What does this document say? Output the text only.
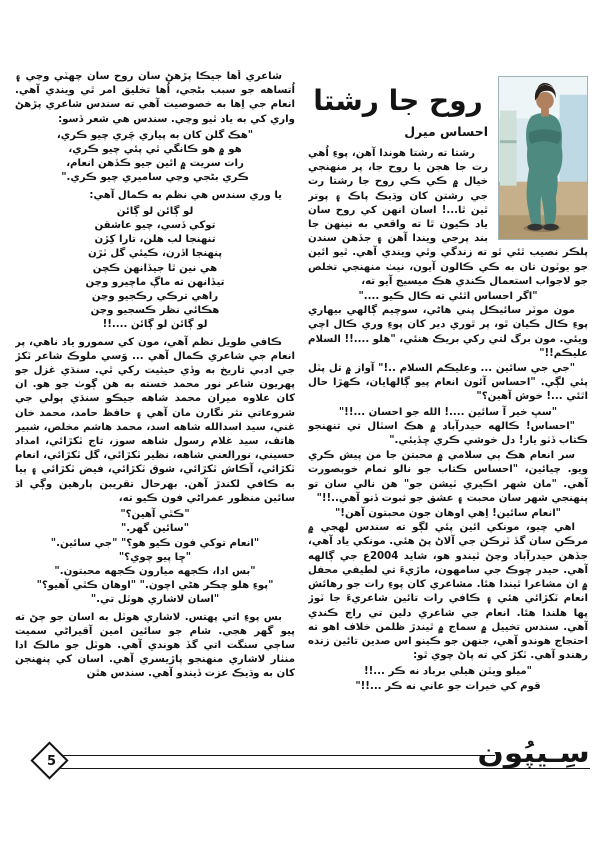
روح جا رشتا
احساس ميرل

رشتا ته رشتا هوندا آهن، پوءِ اُهي رت جا هجن يا روح جا، پر منهنجي خيال ۾ ڪي ڪي روح جا رشتا رت جي رشتن کان وڌيڪ پاڪ ۽ پوتر ٿين ٿا...! اسان انهن کي روح سان ياد ڪيون ٿا ته واقعي به نينهن جا بند پرجي ويندا آهن ۽ جڏهن سندن پلڪر نصيب ٿئي ٿو ته زندگي وٿي ويندي آهي. ٿيو ائين جو يوٽون تان به ڪي ڪالون آيون، نيٺ منهنجي تخلص جو لاجواب استعمال ڪندي هڪ ميسيج آيو ته،

"اگر احساس اٿئي ته ڪال ڪيو ...."

مون موٽر سائيڪل پني هاڻي، سوچيم ڳالهي بيهاري پوءِ ڪال ڪيان ٿو، پر ٿوري دير کان پوءِ وري ڪال اچي ويئي. مون برگ لتي رکي بريڪ هنئي، "هلو ....!! السلام عليڪم!!"

"جي جي سائين ... وعليڪم السلام ..!" آواز ۾ تل پٽل پئي لڳي. "احساس آئون انعام پيو ڳالهايان، ڪهڙا حال اٿئي ...! خوش آهين؟"

"سڀ خير آ سائين ....! الله جو احسان ...!!"

"احساس! ڪالهه حيدرآباد ۾ هڪ اسٽال تي تنهنجو ڪتاب ڏٺو يار! دل خوشي ڪري ڇڏيئي."

سر انعام هڪ ٻي سلامي ۾ محبتن جا من پيش ڪري ويو. چيائين، "احساس ڪتاب جو نالو تمام خوبصورت آهي. "مان شهر اڪيري ٽيشن جو" هن نالي سان تو پنهنجي شهر سان محبت ۽ عشق جو ثبوت ڏنو آهي..!!"

"انعام سائين! اِهي اوهان جون محبتون آهن!"

اهي چيو، مونکي ائين پئي لڳو ته سندس لهجي ۾ مرڪن سان گڏ ٽرڪن جي آلاڻ پڻ هئي. مونکي ياد آهي، جڏهن حيدرآباد وڃڻ ٿيندو هو، شايد 2004ع جي ڳالهه آهي. حيدر چوڪ جي سامهون، ماڙيءَ تي لطيفي محفل ۾ ان مشاعرا ٿيندا هئا. مشاعري کان پوءِ رات جو رهائش انعام ٽکڙائي هئي ۽ ڪافي رات تائين شاعريءَ جا ٽوڙ پها هلندا هئا. انعام جي شاعري دلين تي راڄ ڪندي آهي. سندس تخييل ۾ سماج ۾ ٿيندڙ ظلمن خلاف اهو ته احتجاج هوندو آهي، جنهن جو ڪينو اس صدين تائين زنده رهندو آهي. ٽکڙ کي ته پاڻ چوي ٿو:

"ميلو ويٽن هيلي برباد نه ڪر ...!!

قوم کي خيرات جو عاني نه ڪر ...!!"

شاعري اُها جيڪا پڙهڻ سان روح سان چهٽي وڃي ۽ اُتساهه جو سبب بڻجي، اُها تخليق امر ٿي ويندي آهي. انعام جي اِها به خصوصيت آهي ته سندس شاعري پڙهڻ واري کي به ياد ٿيو وڃي. سندس هي شعر ڏسو:

"هڪ گلن کان به پياري چَري چيو ڪري،

هو ۾ هو ڪانگي ٿي پئي چيو ڪري،

رات سريت ۾ ائين جيو ڪڏهن انعام،

ڪري بڻجي وڃي ساميري چيو ڪري."

يا وري سندس هي نظم به ڪمال آهي:

لو ڳائن لو ڳائن

توکي ڏسي، چيو عاشقن

تنهنجا لب هلن، تارا کِڙن

پنهنجا اڏرن، ڪيئي گل ٽڙن

هي نين ٿا جيڏانهن ڪچن

تيڏانهن ته ماڳ ماچيرو وڃن

راهي ترڪي رڪجيو وڃن

هڪائي نظر ڪسجيو وڃن

لو ڳائن لو ڳائن ....!!

ڪافي طويل نظم آهي، مون کي سمورو ياد ناهي، پر انعام جي شاعري ڪمال آهي ... وَسي ملوڪ شاعر ٽکڙ جي ادبي تاريخ به وڏي حيثيت رکي ٿي. سنڌي غزل جو پهريون شاعر نور محمد خسته به هن ڳوٺ جو هو. ان کان علاوه ميران محمد شاهه جيڪو سنڌي ٻولي جي شروعاتي نثر نگارن مان آهي ۽ حافظ حامد، محمد خان غني، سيد اسدالله شاهه اسد، محمد هاشم مخلص، شبير هاتف، سيد غلام رسول شاهه سوز، تاج ٽکڙائي، امداد حسيني، نورالعني شاهه، نظير ٽکڙائي، گل ٽکڙائي، انعام ٽکڙائي، آڪاش ٽکڙائي، شوق ٽکڙائي، فيض ٽکڙائي ۽ ٻيا به ڪافي لکندڙ آهن. بهرحال تقريبن ٻارهين وڳي اڌ سائين منظور عمراڻي فون ڪيو ته،

"ڪٿي آهين؟"

"سائين گهر."

"انعام توکي فون ڪيو هو؟" "جي سائين."

"ڇا پيو چوي؟"

"بس ادا، ڪجهه ميارون ڪجهه محبتون."

"پوءِ هلو چڪر هڻي اچون." "اوهان ڪٿي آهيو؟"

"اسان لاشاري هوٽل تي."

بس پوءِ اتي پهتس. لاشاري هوٽل به اسان جو ڄڻ ته پيو گهر هجي. شام جو سائين امين آقيراڻي سميت ساڄي سنگت اتي گڏ هوندي آهي. هوٽل جو مالڪ ادا منٺار لاشاري منهنجو پاڙيسري آهي. اسان کي پنهنجن کان به وڌيڪ عزت ڏيندو آهي. سندس هٿن

5	سِـيپُون
